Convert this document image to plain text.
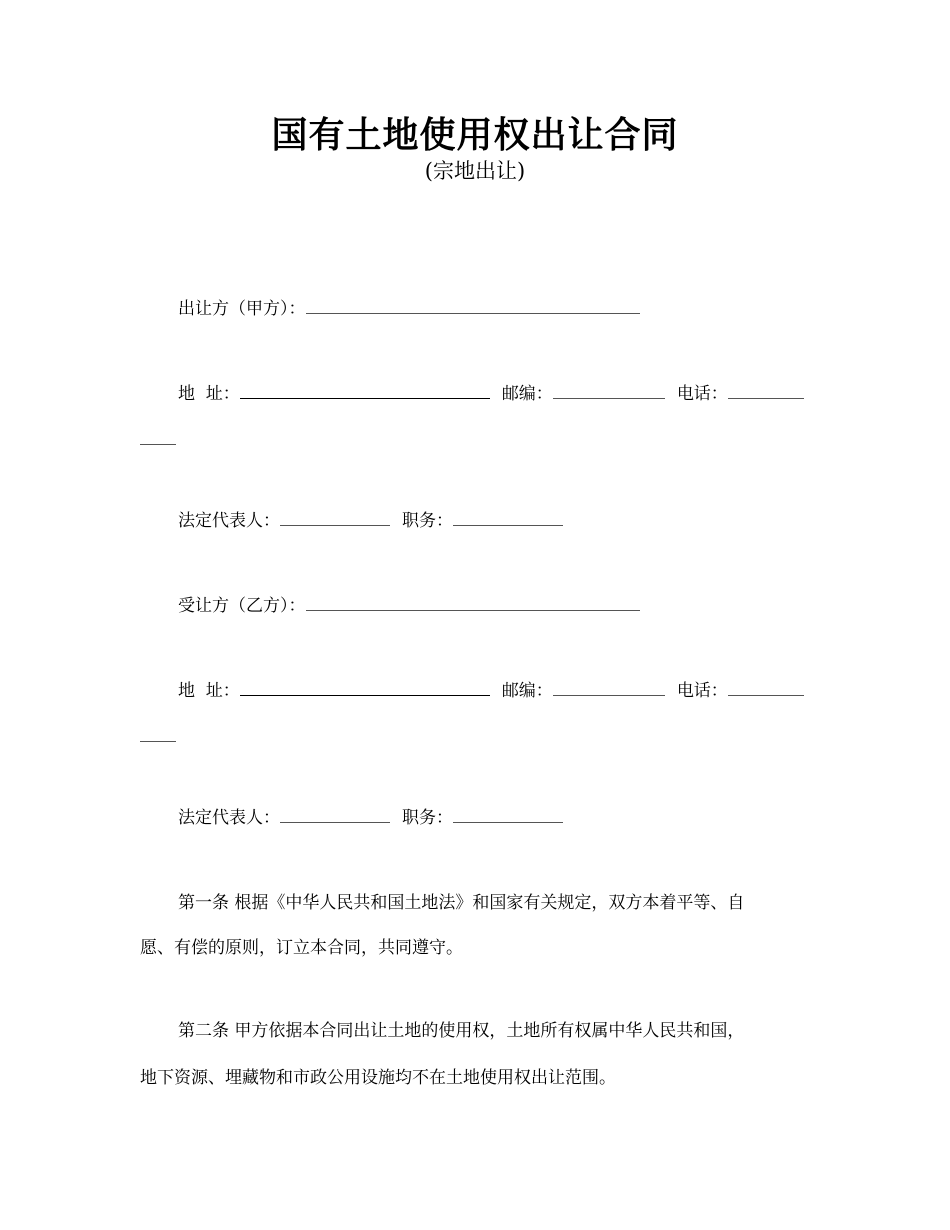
国有土地使用权出让合同
(宗地出让)
出让方（甲方）：
地  址：	邮编：	电话：
法定代表人：	职务：
受让方（乙方）：
地  址：	邮编：	电话：
法定代表人：	职务：
第一条 根据《中华人民共和国土地法》和国家有关规定，双方本着平等、自
愿、有偿的原则，订立本合同，共同遵守。
第二条 甲方依据本合同出让土地的使用权，土地所有权属中华人民共和国，
地下资源、埋藏物和市政公用设施均不在土地使用权出让范围。
